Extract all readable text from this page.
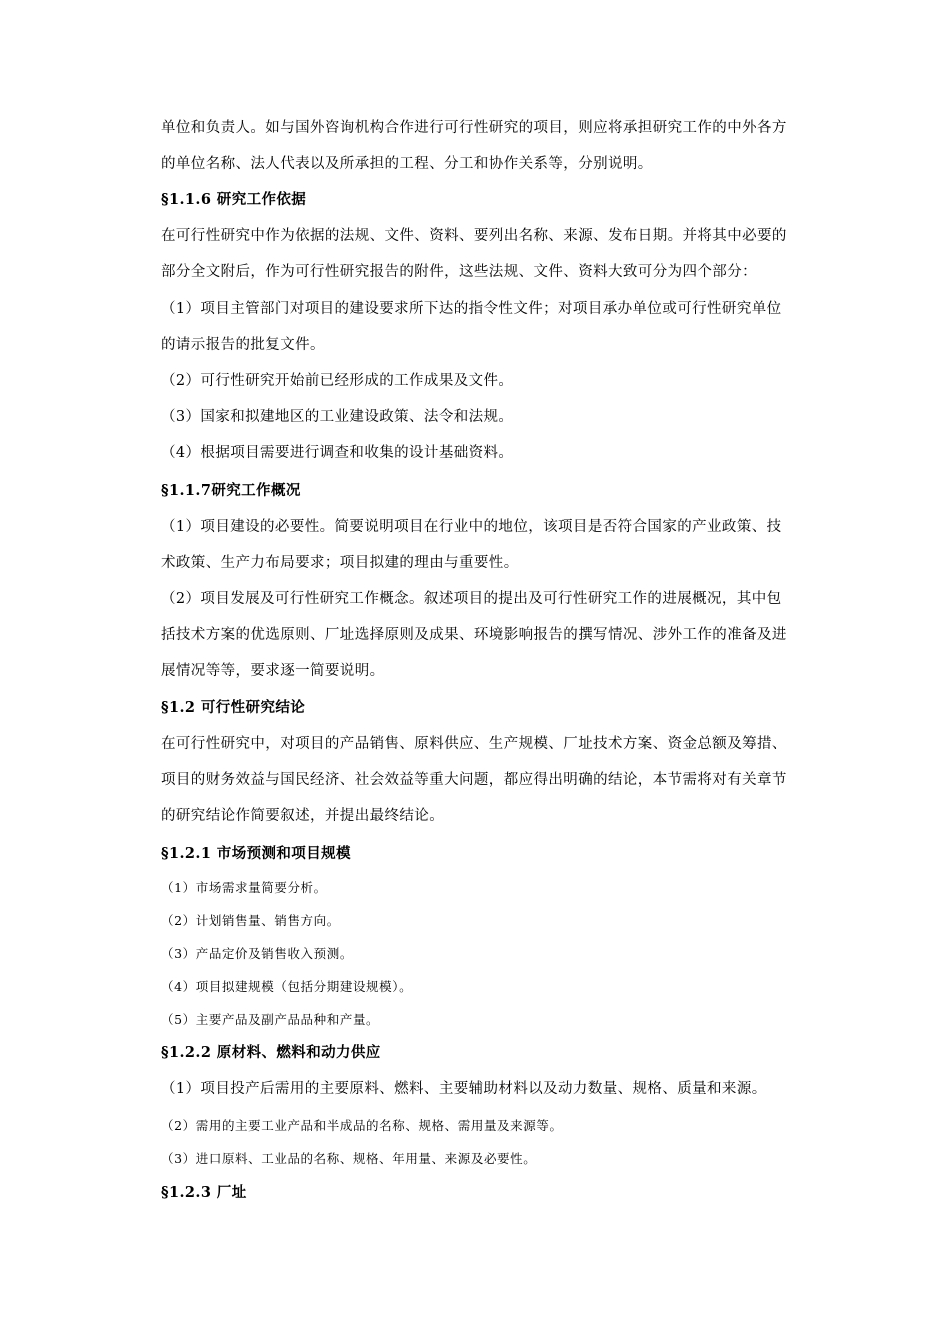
单位和负责人。如与国外咨询机构合作进行可行性研究的项目，则应将承担研究工作的中外各方
的单位名称、法人代表以及所承担的工程、分工和协作关系等，分别说明。
§1.1.6 研究工作依据
在可行性研究中作为依据的法规、文件、资料、要列出名称、来源、发布日期。并将其中必要的
部分全文附后，作为可行性研究报告的附件，这些法规、文件、资料大致可分为四个部分：
（1）项目主管部门对项目的建设要求所下达的指令性文件；对项目承办单位或可行性研究单位
的请示报告的批复文件。
（2）可行性研究开始前已经形成的工作成果及文件。
（3）国家和拟建地区的工业建设政策、法令和法规。
（4）根据项目需要进行调查和收集的设计基础资料。
§1.1.7研究工作概况
（1）项目建设的必要性。简要说明项目在行业中的地位，该项目是否符合国家的产业政策、技
术政策、生产力布局要求；项目拟建的理由与重要性。
（2）项目发展及可行性研究工作概念。叙述项目的提出及可行性研究工作的进展概况，其中包
括技术方案的优选原则、厂址选择原则及成果、环境影响报告的撰写情况、涉外工作的准备及进
展情况等等，要求逐一简要说明。
§1.2 可行性研究结论
在可行性研究中，对项目的产品销售、原料供应、生产规模、厂址技术方案、资金总额及筹措、
项目的财务效益与国民经济、社会效益等重大问题，都应得出明确的结论，本节需将对有关章节
的研究结论作简要叙述，并提出最终结论。
§1.2.1 市场预测和项目规模
（1）市场需求量简要分析。
（2）计划销售量、销售方向。
（3）产品定价及销售收入预测。
（4）项目拟建规模（包括分期建设规模）。
（5）主要产品及副产品品种和产量。
§1.2.2 原材料、燃料和动力供应
（1）项目投产后需用的主要原料、燃料、主要辅助材料以及动力数量、规格、质量和来源。
（2）需用的主要工业产品和半成品的名称、规格、需用量及来源等。
（3）进口原料、工业品的名称、规格、年用量、来源及必要性。
§1.2.3 厂址
